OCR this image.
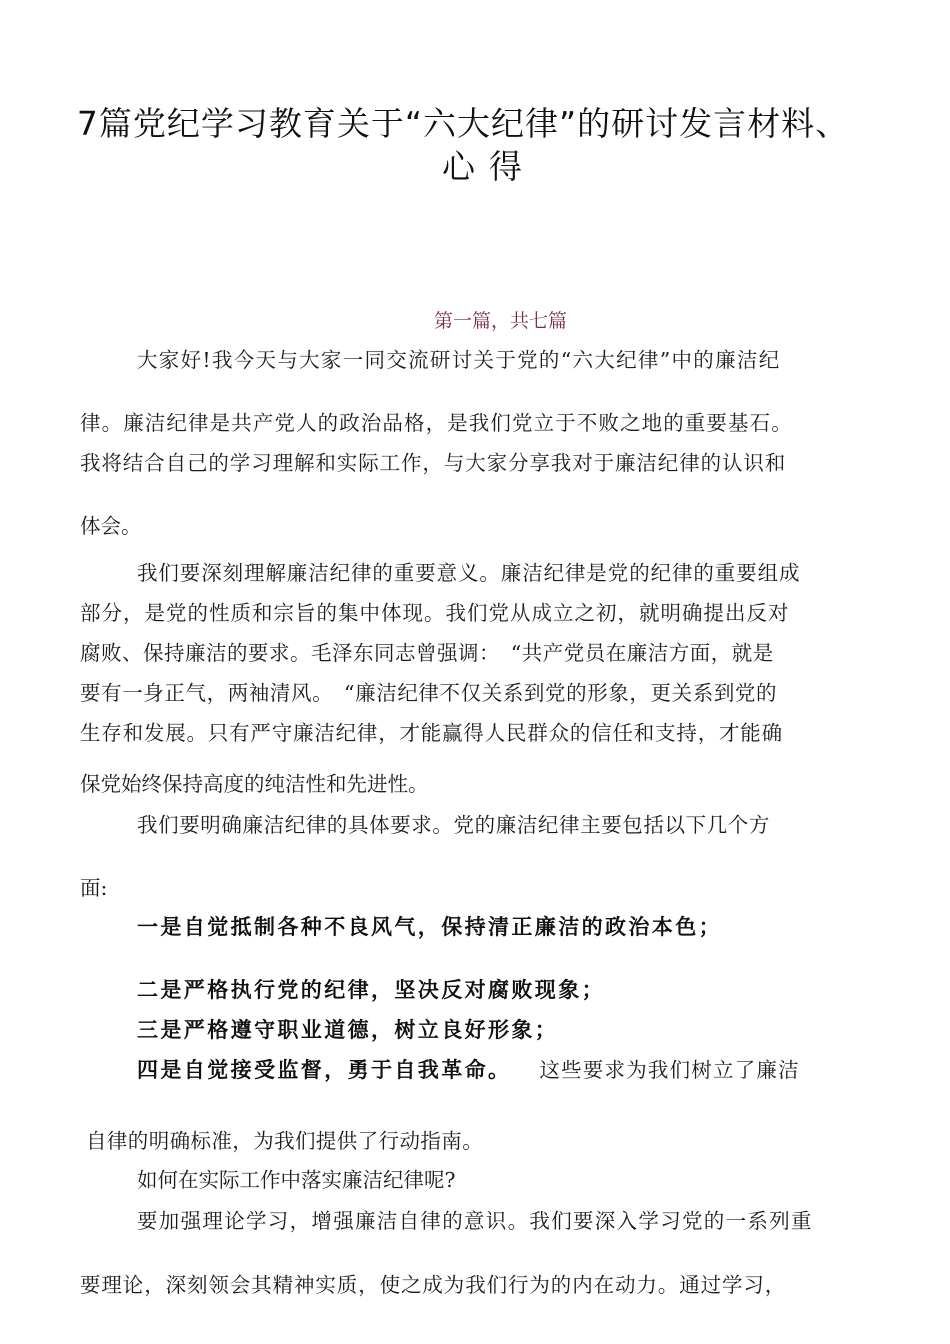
7篇党纪学习教育关于“六大纪律”的研讨发言材料、
心得
第一篇，共七篇
大家好!我今天与大家一同交流研讨关于党的“六大纪律”中的廉洁纪
律。廉洁纪律是共产党人的政治品格，是我们党立于不败之地的重要基石。
我将结合自己的学习理解和实际工作，与大家分享我对于廉洁纪律的认识和
体会。
我们要深刻理解廉洁纪律的重要意义。廉洁纪律是党的纪律的重要组成
部分，是党的性质和宗旨的集中体现。我们党从成立之初，就明确提出反对
腐败、保持廉洁的要求。毛泽东同志曾强调：　“共产党员在廉洁方面，就是
要有一身正气，两袖清风。　“廉洁纪律不仅关系到党的形象，更关系到党的
生存和发展。只有严守廉洁纪律，才能赢得人民群众的信任和支持，才能确
保党始终保持高度的纯洁性和先进性。
我们要明确廉洁纪律的具体要求。党的廉洁纪律主要包括以下几个方
面:
一是自觉抵制各种不良风气，保持清正廉洁的政治本色；
二是严格执行党的纪律，坚决反对腐败现象；
三是严格遵守职业道德，树立良好形象；
四是自觉接受监督，勇于自我革命。 这些要求为我们树立了廉洁
自律的明确标准，为我们提供了行动指南。
如何在实际工作中落实廉洁纪律呢?
要加强理论学习，增强廉洁自律的意识。我们要深入学习党的一系列重
要理论，深刻领会其精神实质，使之成为我们行为的内在动力。通过学习，
